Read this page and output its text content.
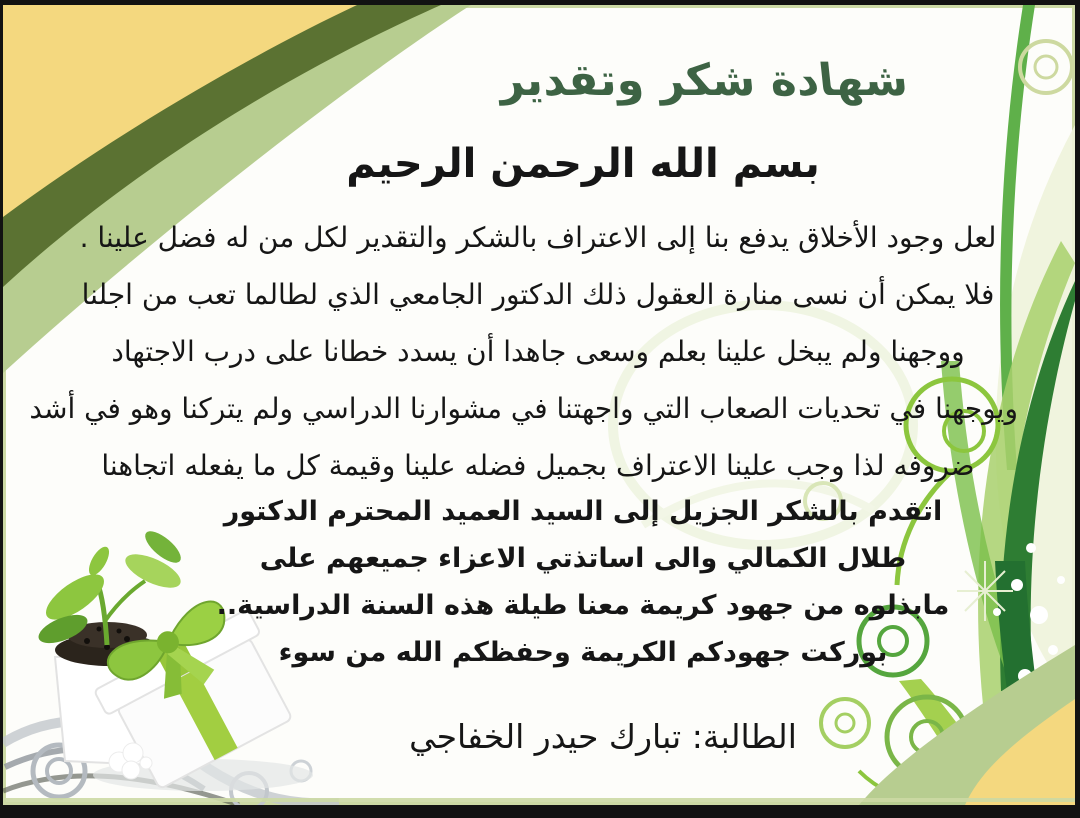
شهادة شكر وتقدير
بسم الله الرحمن الرحيم
لعل وجود الأخلاق يدفع بنا إلى الاعتراف بالشكر والتقدير لكل من له فضل علينا .
فلا يمكن أن نسى منارة العقول ذلك الدكتور الجامعي الذي لطالما تعب من اجلنا
ووجهنا ولم يبخل علينا بعلم وسعى جاهدا أن يسدد خطانا على درب الاجتهاد
ويوجهنا في تحديات الصعاب التي واجهتنا في مشوارنا الدراسي ولم يتركنا وهو في أشد
ضروفه لذا وجب علينا الاعتراف بجميل فضله علينا وقيمة كل ما يفعله اتجاهنا
اتقدم بالشكر الجزيل إلى السيد العميد المحترم الدكتور
طلال الكمالي والى اساتذتي الاعزاء جميعهم على
مابذلوه من جهود كريمة معنا طيلة هذه السنة الدراسية..
بوركت جهودكم الكريمة وحفظكم الله من سوء
الطالبة: تبارك حيدر الخفاجي
